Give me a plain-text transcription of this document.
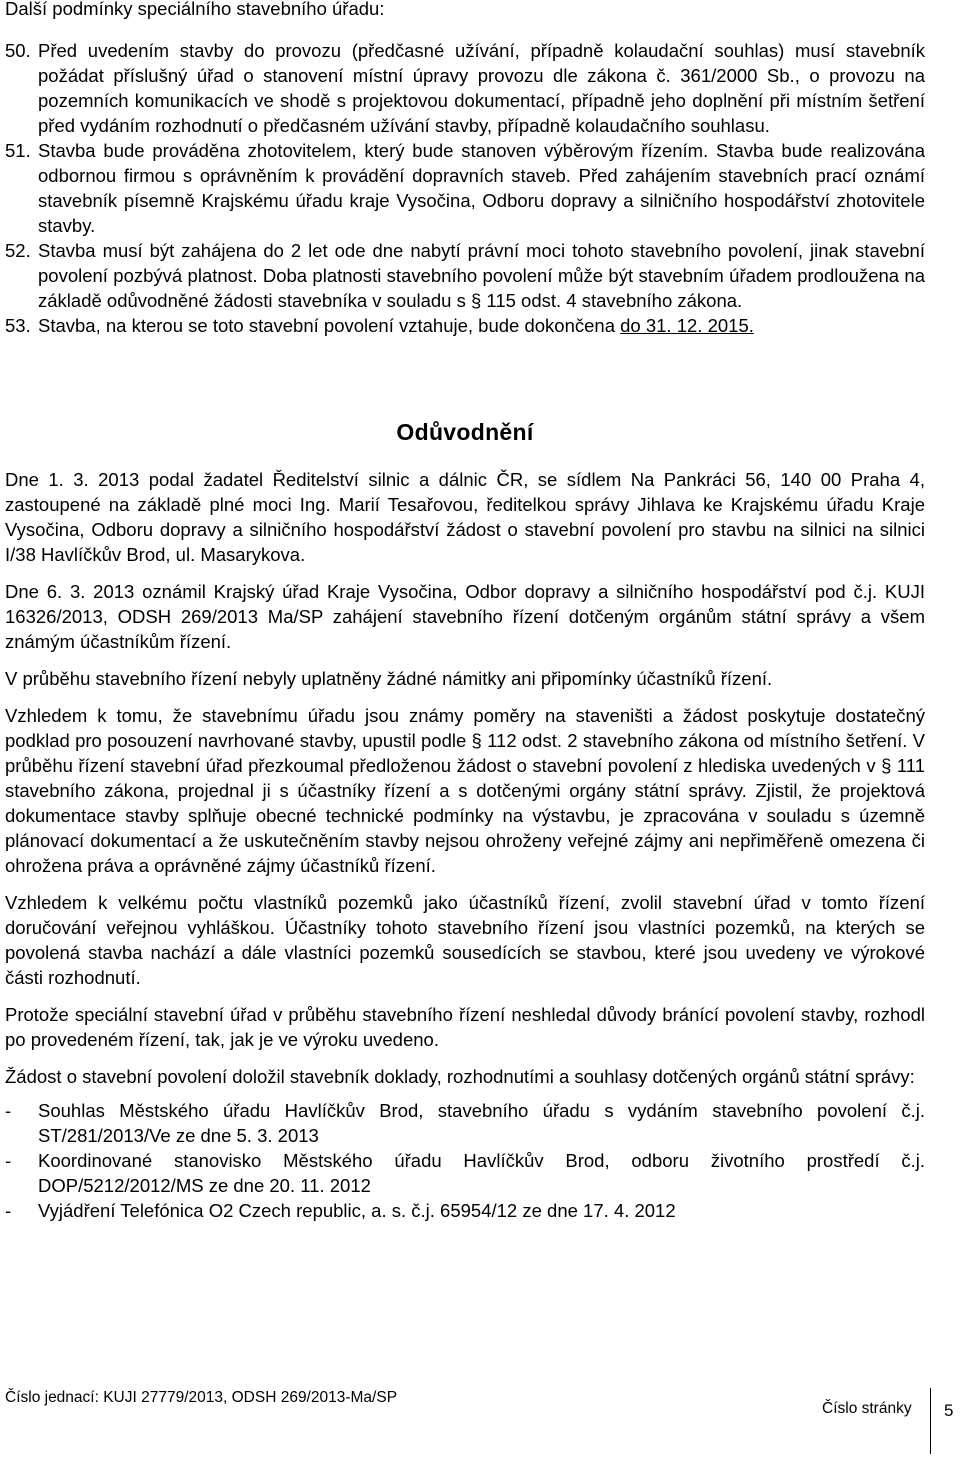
Další podmínky speciálního stavebního úřadu:

50. Před uvedením stavby do provozu (předčasné užívání, případně kolaudační souhlas) musí stavebník požádat příslušný úřad o stanovení místní úpravy provozu dle zákona č. 361/2000 Sb., o provozu na pozemních komunikacích ve shodě s projektovou dokumentací, případně jeho doplnění při místním šetření před vydáním rozhodnutí o předčasném užívání stavby, případně kolaudačního souhlasu.
51. Stavba bude prováděna zhotovitelem, který bude stanoven výběrovým řízením. Stavba bude realizována odbornou firmou s oprávněním k provádění dopravních staveb. Před zahájením stavebních prací oznámí stavebník písemně Krajskému úřadu kraje Vysočina, Odboru dopravy a silničního hospodářství zhotovitele stavby.
52. Stavba musí být zahájena do 2 let ode dne nabytí právní moci tohoto stavebního povolení, jinak stavební povolení pozbývá platnost. Doba platnosti stavebního povolení může být stavebním úřadem prodloužena na základě odůvodněné žádosti stavebníka v souladu s § 115 odst. 4 stavebního zákona.
53. Stavba, na kterou se toto stavební povolení vztahuje, bude dokončena do 31. 12. 2015.
Odůvodnění

Dne 1. 3. 2013 podal žadatel Ředitelství silnic a dálnic ČR, se sídlem Na Pankráci 56, 140 00 Praha 4, zastoupené na základě plné moci Ing. Marií Tesařovou, ředitelkou správy Jihlava ke Krajskému úřadu Kraje Vysočina, Odboru dopravy a silničního hospodářství žádost o stavební povolení pro stavbu na silnici na silnici I/38 Havlíčkův Brod, ul. Masarykova.

Dne 6. 3. 2013 oznámil Krajský úřad Kraje Vysočina, Odbor dopravy a silničního hospodářství pod č.j. KUJI 16326/2013, ODSH 269/2013 Ma/SP zahájení stavebního řízení dotčeným orgánům státní správy a všem známým účastníkům řízení.

V průběhu stavebního řízení nebyly uplatněny žádné námitky ani připomínky účastníků řízení.

Vzhledem k tomu, že stavebnímu úřadu jsou známy poměry na staveništi a žádost poskytuje dostatečný podklad pro posouzení navrhované stavby, upustil podle § 112 odst. 2 stavebního zákona od místního šetření. V průběhu řízení stavební úřad přezkoumal předloženou žádost o stavební povolení z hlediska uvedených v § 111 stavebního zákona, projednal ji s účastníky řízení a s dotčenými orgány státní správy. Zjistil, že projektová dokumentace stavby splňuje obecné technické podmínky na výstavbu, je zpracována v souladu s územně plánovací dokumentací a že uskutečněním stavby nejsou ohroženy veřejné zájmy ani nepřiměřeně omezena či ohrožena práva a oprávněné zájmy účastníků řízení.

Vzhledem k velkému počtu vlastníků pozemků jako účastníků řízení, zvolil stavební úřad v tomto řízení doručování veřejnou vyhláškou. Účastníky tohoto stavebního řízení jsou vlastníci pozemků, na kterých se povolená stavba nachází a dále vlastníci pozemků sousedících se stavbou, které jsou uvedeny ve výrokové části rozhodnutí.

Protože speciální stavební úřad v průběhu stavebního řízení neshledal důvody bránící povolení stavby, rozhodl po provedeném řízení, tak, jak je ve výroku uvedeno.

Žádost o stavební povolení doložil stavebník doklady, rozhodnutími a souhlasy dotčených orgánů státní správy:

-	Souhlas Městského úřadu Havlíčkův Brod, stavebního úřadu s vydáním stavebního povolení č.j. ST/281/2013/Ve ze dne 5. 3. 2013
-	Koordinované stanovisko Městského úřadu Havlíčkův Brod, odboru životního prostředí č.j. DOP/5212/2012/MS ze dne 20. 11. 2012
-	Vyjádření Telefónica O2 Czech republic, a. s. č.j. 65954/12 ze dne 17. 4. 2012
Číslo jednací: KUJI 27779/2013, ODSH 269/2013-Ma/SP
Číslo stránky 5
